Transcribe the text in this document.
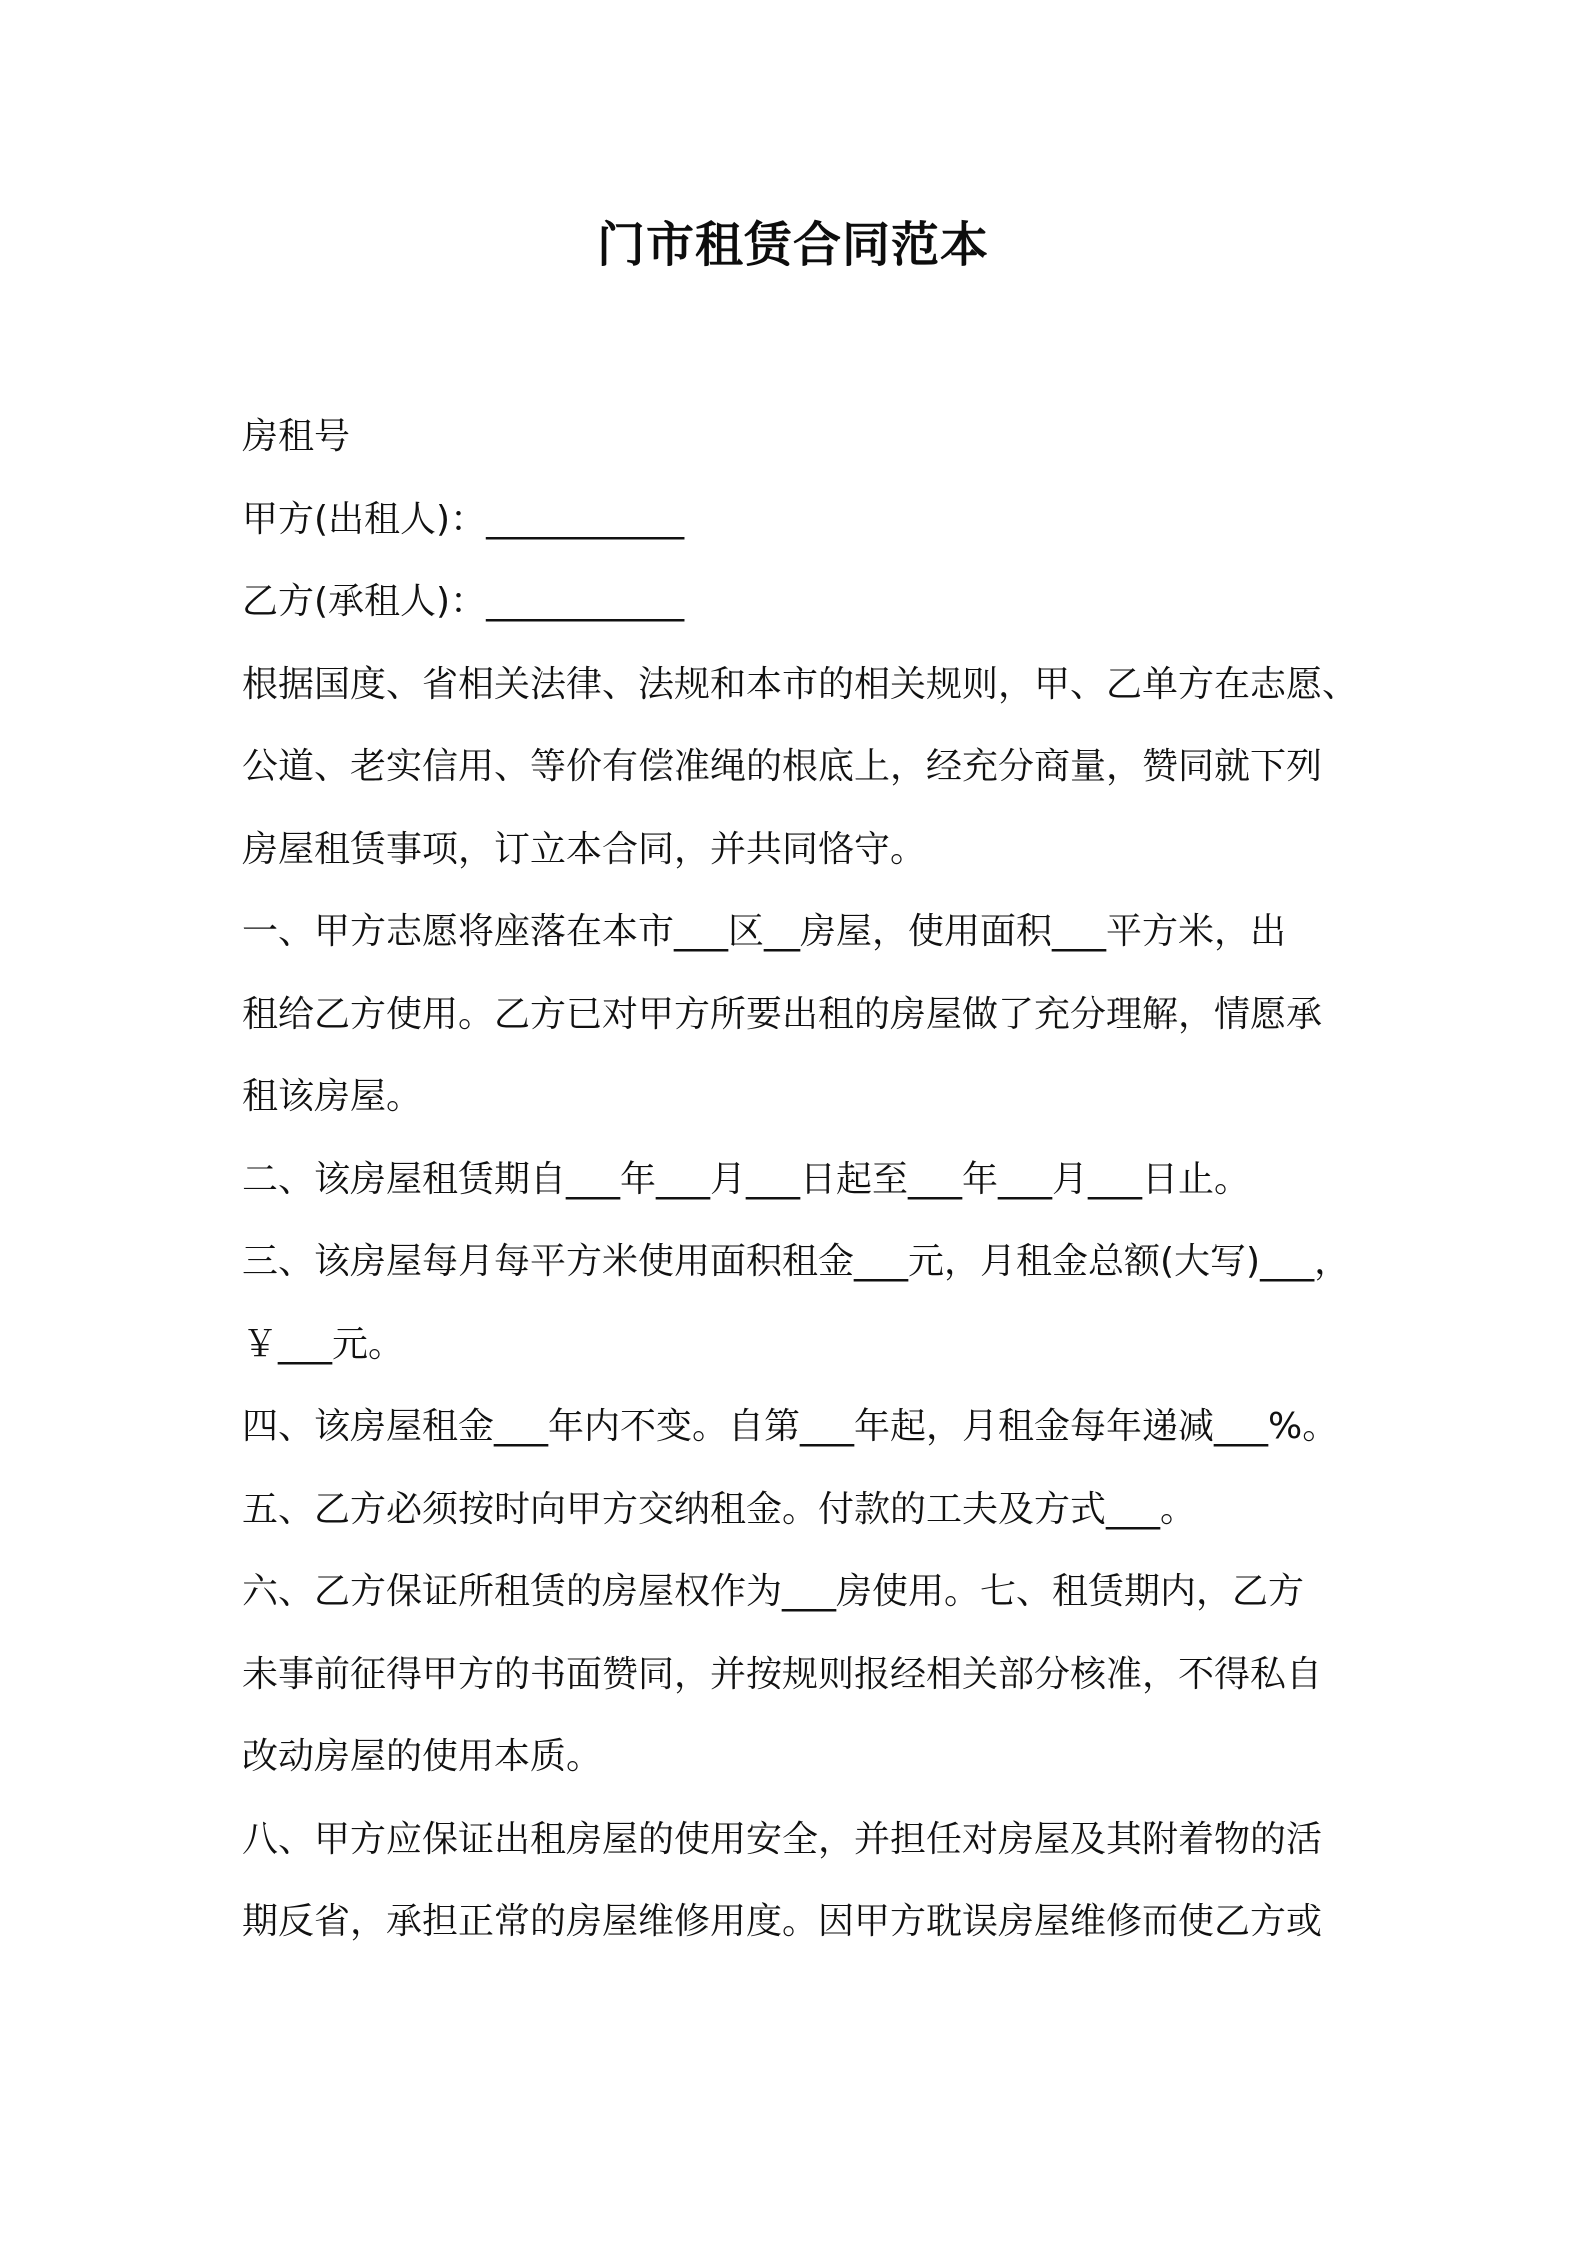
门市租赁合同范本

房租号

甲方(出租人)：___________

乙方(承租人)：___________

根据国度、省相关法律、法规和本市的相关规则，甲、乙单方在志愿、

公道、老实信用、等价有偿准绳的根底上，经充分商量，赞同就下列

房屋租赁事项，订立本合同，并共同恪守。

一、甲方志愿将座落在本市___区__房屋，使用面积___平方米，出

租给乙方使用。乙方已对甲方所要出租的房屋做了充分理解，情愿承

租该房屋。

二、该房屋租赁期自___年___月___日起至___年___月___日止。

三、该房屋每月每平方米使用面积租金___元，月租金总额(大写)___，

￥___元。

四、该房屋租金___年内不变。自第___年起，月租金每年递减___%。

五、乙方必须按时向甲方交纳租金。付款的工夫及方式___。

六、乙方保证所租赁的房屋权作为___房使用。七、租赁期内，乙方

未事前征得甲方的书面赞同，并按规则报经相关部分核准，不得私自

改动房屋的使用本质。

八、甲方应保证出租房屋的使用安全，并担任对房屋及其附着物的活

期反省，承担正常的房屋维修用度。因甲方耽误房屋维修而使乙方或
